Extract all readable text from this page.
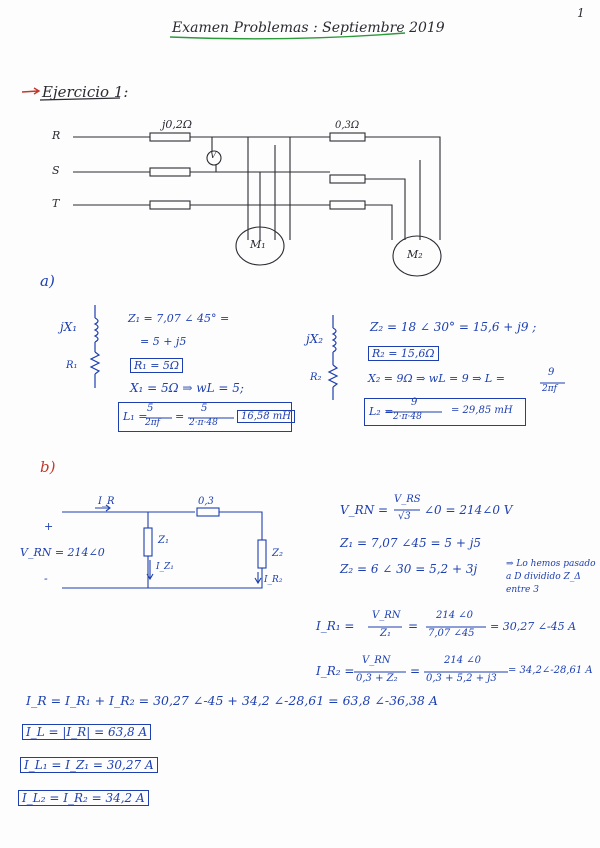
Examen Problemas : Septiembre 2019
1
Ejercicio 1:
R
S
T
j0,2Ω	0,3Ω
V
M₁
M₂
a)
jX₁
R₁
Z₁ = 7,07 ∠ 45° =
= 5 + j5
R₁ = 5Ω
X₁ = 5Ω ⇒ wL = 5;
L₁ =
5
2πf =
5
2·π·48
16,58 mH
jX₂
R₂
Z₂ = 18 ∠ 30° = 15,6 + j9 ;
R₂ = 15,6Ω
X₂ = 9Ω ⇒ wL = 9 ⇒ L =	9
2πf
L₂ =
9
2·π·48
= 29,85 mH
b)
I_R	0,3
+
V_RN = 214∠0
-
Z₁
I_Z₁
Z₂
I_R₂
V_RN =
V_RS
√3 ∠0 = 214∠0 V
Z₁ = 7,07 ∠45 = 5 + j5
Z₂ = 6 ∠ 30 = 5,2 + 3j	⇒ Lo hemos pasado a D dividido Z_Δ entre 3
I_R₁ =
V_RN
Z₁
=
214 ∠0
7,07 ∠45
= 30,27 ∠-45 A
I_R₂ =
V_RN
0,3 + Z₂
=
214 ∠0
0,3 + 5,2 + j3
= 34,2∠-28,61 A
I_R = I_R₁ + I_R₂ = 30,27 ∠-45 + 34,2 ∠-28,61 = 63,8 ∠-36,38 A
I_L = |I_R| = 63,8 A
I_L₁ = I_Z₁ = 30,27 A
I_L₂ = I_R₂ = 34,2 A
